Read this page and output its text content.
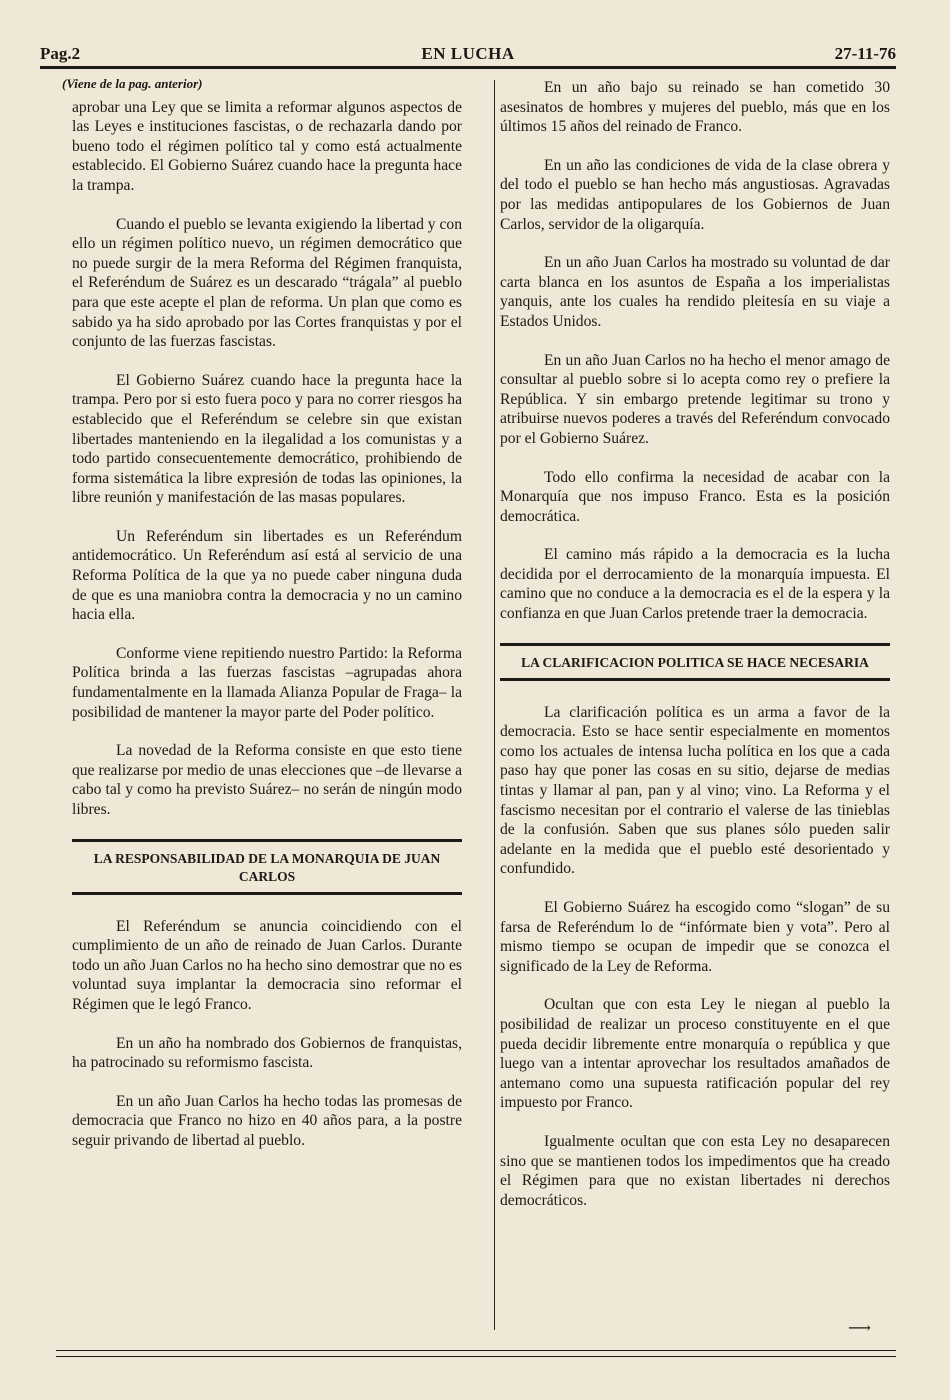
Pag.2	EN LUCHA	27-11-76
(Viene de la pag. anterior)

aprobar una Ley que se limita a reformar algunos aspectos de las Leyes e instituciones fascistas, o de rechazarla dando por bueno todo el régimen político tal y como está actualmente establecido. El Gobierno Suárez cuando hace la pregunta hace la trampa.

Cuando el pueblo se levanta exigiendo la libertad y con ello un régimen político nuevo, un régimen democrático que no puede surgir de la mera Reforma del Régimen franquista, el Referéndum de Suárez es un descarado “trágala” al pueblo para que este acepte el plan de reforma. Un plan que como es sabido ya ha sido aprobado por las Cortes franquistas y por el conjunto de las fuerzas fascistas.

El Gobierno Suárez cuando hace la pregunta hace la trampa. Pero por si esto fuera poco y para no correr riesgos ha establecido que el Referéndum se celebre sin que existan libertades manteniendo en la ilegalidad a los comunistas y a todo partido consecuentemente democrático, prohibiendo de forma sistemática la libre expresión de todas las opiniones, la libre reunión y manifestación de las masas populares.

Un Referéndum sin libertades es un Referéndum antidemocrático. Un Referéndum así está al servicio de una Reforma Política de la que ya no puede caber ninguna duda de que es una maniobra contra la democracia y no un camino hacia ella.

Conforme viene repitiendo nuestro Partido: la Reforma Política brinda a las fuerzas fascistas –agrupadas ahora fundamentalmente en la llamada Alianza Popular de Fraga– la posibilidad de mantener la mayor parte del Poder político.

La novedad de la Reforma consiste en que esto tiene que realizarse por medio de unas elecciones que –de llevarse a cabo tal y como ha previsto Suárez– no serán de ningún modo libres.

LA RESPONSABILIDAD DE LA MONARQUIA DE JUAN CARLOS

El Referéndum se anuncia coincidiendo con el cumplimiento de un año de reinado de Juan Carlos. Durante todo un año Juan Carlos no ha hecho sino demostrar que no es voluntad suya implantar la democracia sino reformar el Régimen que le legó Franco.

En un año ha nombrado dos Gobiernos de franquistas, ha patrocinado su reformismo fascista.

En un año Juan Carlos ha hecho todas las promesas de democracia que Franco no hizo en 40 años para, a la postre seguir privando de libertad al pueblo.

En un año bajo su reinado se han cometido 30 asesinatos de hombres y mujeres del pueblo, más que en los últimos 15 años del reinado de Franco.

En un año las condiciones de vida de la clase obrera y del todo el pueblo se han hecho más angustiosas. Agravadas por las medidas antipopulares de los Gobiernos de Juan Carlos, servidor de la oligarquía.

En un año Juan Carlos ha mostrado su voluntad de dar carta blanca en los asuntos de España a los imperialistas yanquis, ante los cuales ha rendido pleitesía en su viaje a Estados Unidos.

En un año Juan Carlos no ha hecho el menor amago de consultar al pueblo sobre si lo acepta como rey o prefiere la República. Y sin embargo pretende legitimar su trono y atribuirse nuevos poderes a través del Referéndum convocado por el Gobierno Suárez.

Todo ello confirma la necesidad de acabar con la Monarquía que nos impuso Franco. Esta es la posición democrática.

El camino más rápido a la democracia es la lucha decidida por el derrocamiento de la monarquía impuesta. El camino que no conduce a la democracia es el de la espera y la confianza en que Juan Carlos pretende traer la democracia.

LA CLARIFICACION POLITICA SE HACE NECESARIA

La clarificación política es un arma a favor de la democracia. Esto se hace sentir especialmente en momentos como los actuales de intensa lucha política en los que a cada paso hay que poner las cosas en su sitio, dejarse de medias tintas y llamar al pan, pan y al vino; vino. La Reforma y el fascismo necesitan por el contrario el valerse de las tinieblas de la confusión. Saben que sus planes sólo pueden salir adelante en la medida que el pueblo esté desorientado y confundido.

El Gobierno Suárez ha escogido como “slogan” de su farsa de Referéndum lo de “infórmate bien y vota”. Pero al mismo tiempo se ocupan de impedir que se conozca el significado de la Ley de Reforma.

Ocultan que con esta Ley le niegan al pueblo la posibilidad de realizar un proceso constituyente en el que pueda decidir libremente entre monarquía o república y que luego van a intentar aprovechar los resultados amañados de antemano como una supuesta ratificación popular del rey impuesto por Franco.

Igualmente ocultan que con esta Ley no desaparecen sino que se mantienen todos los impedimentos que ha creado el Régimen para que no existan libertades ni derechos democráticos.

⟶
